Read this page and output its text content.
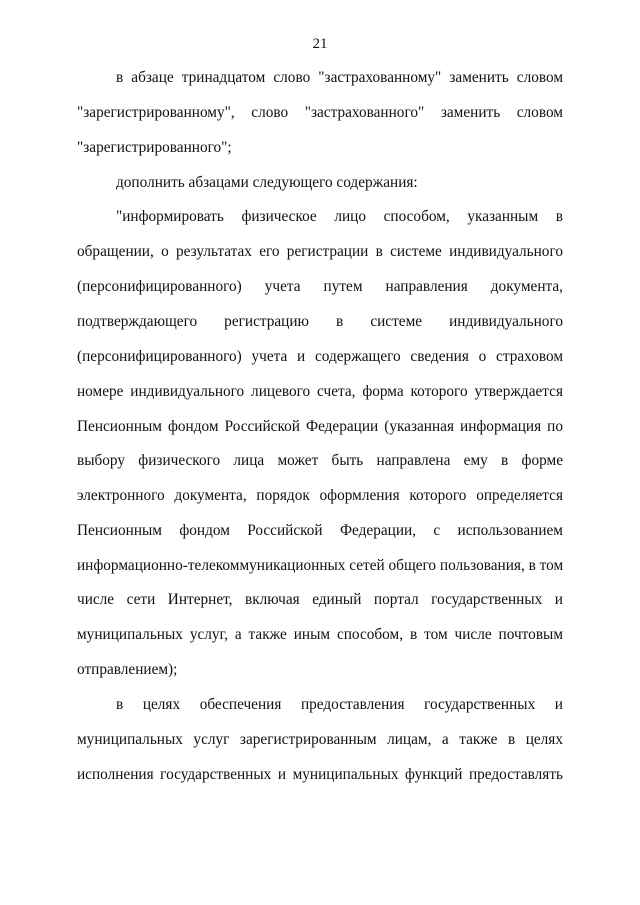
21
в абзаце тринадцатом слово "застрахованному" заменить словом
"зарегистрированному", слово "застрахованного" заменить словом
"зарегистрированного";
дополнить абзацами следующего содержания:
"информировать физическое лицо способом, указанным в
обращении, о результатах его регистрации в системе индивидуального
(персонифицированного) учета путем направления документа,
подтверждающего регистрацию в системе индивидуального
(персонифицированного) учета и содержащего сведения о страховом
номере индивидуального лицевого счета, форма которого утверждается
Пенсионным фондом Российской Федерации (указанная информация по
выбору физического лица может быть направлена ему в форме
электронного документа, порядок оформления которого определяется
Пенсионным фондом Российской Федерации, с использованием
информационно-телекоммуникационных сетей общего пользования, в том
числе сети Интернет, включая единый портал государственных и
муниципальных услуг, а также иным способом, в том числе почтовым
отправлением);
в целях обеспечения предоставления государственных и
муниципальных услуг зарегистрированным лицам, а также в целях
исполнения государственных и муниципальных функций предоставлять
